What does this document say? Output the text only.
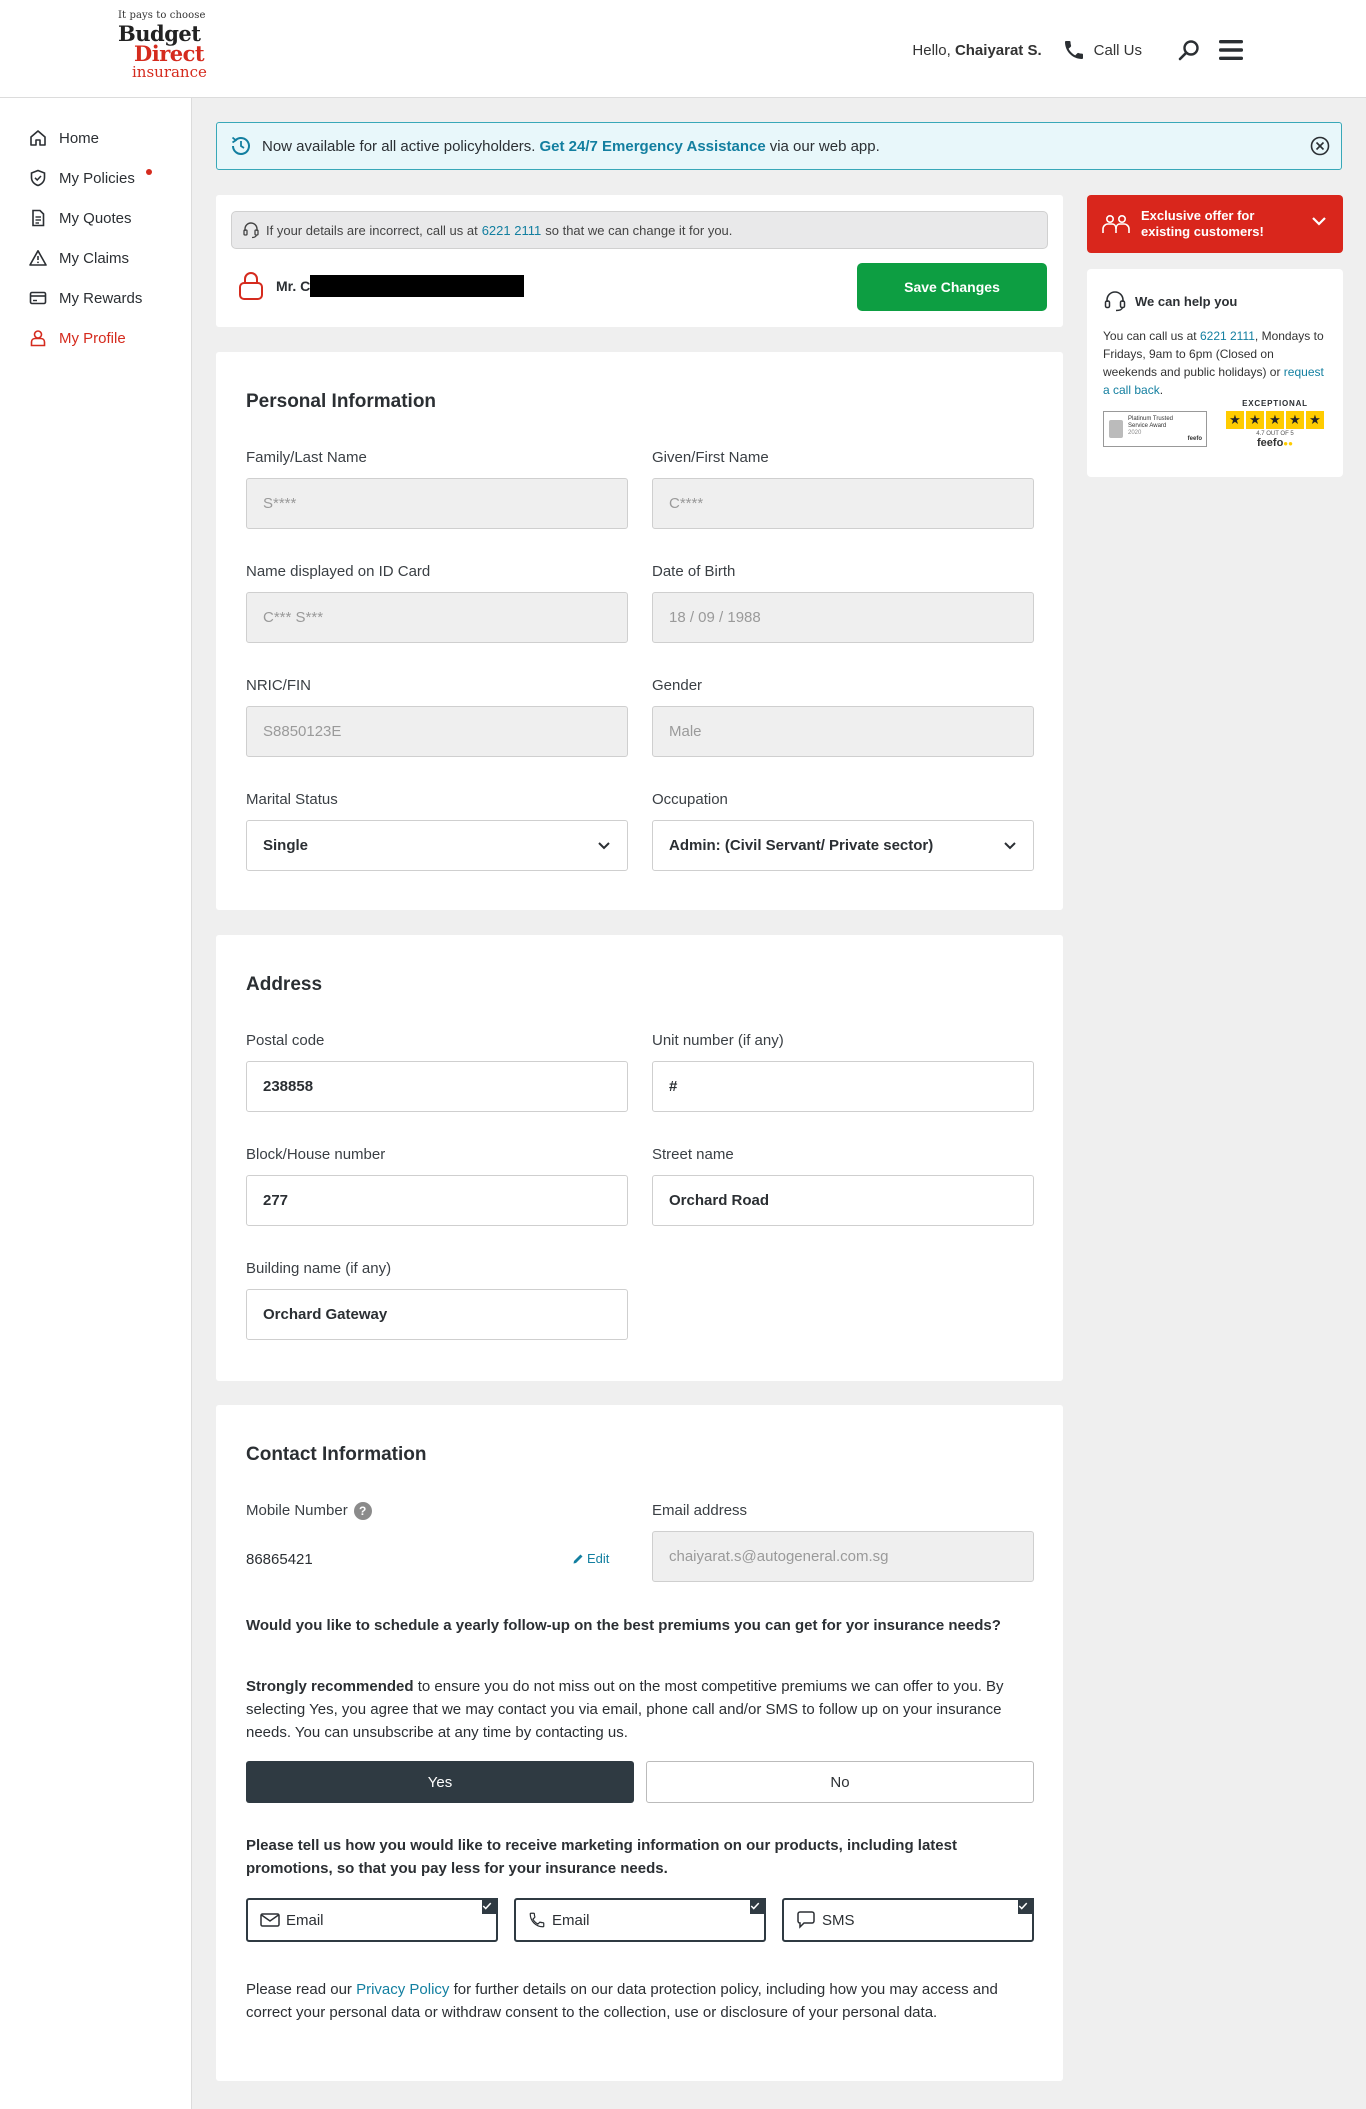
It pays to choose
Budget
Direct
insurance
Hello, Chaiyarat S.	Call Us
Home
My Policies
My Quotes
My Claims
My Rewards
My Profile
Now available for all active policyholders. Get 24/7 Emergency Assistance via our web app.
If your details are incorrect, call us at 6221 2111 so that we can change it for you.
Mr. C	Save Changes
Personal Information
Family/Last Name
S****
Given/First Name
C****
Name displayed on ID Card
C*** S***
Date of Birth
18 / 09 / 1988
NRIC/FIN
S8850123E
Gender
Male
Marital Status
Single
Occupation
Admin: (Civil Servant/ Private sector)
Address
Postal code
238858
Unit number (if any)
#
Block/House number
277
Street name
Orchard Road
Building name (if any)
Orchard Gateway
Contact Information
Mobile Number ?
86865421	Edit
Email address
chaiyarat.s@autogeneral.com.sg
Would you like to schedule a yearly follow-up on the best premiums you can get for yor insurance needs?
Strongly recommended to ensure you do not miss out on the most competitive premiums we can offer to you. By selecting Yes, you agree that we may contact you via email, phone call and/or SMS to follow up on your insurance needs. You can unsubscribe at any time by contacting us.
Yes	No
Please tell us how you would like to receive marketing information on our products, including latest promotions, so that you pay less for your insurance needs.
Email	Email	SMS
Please read our Privacy Policy for further details on our data protection policy, including how you may access and correct your personal data or withdraw consent to the collection, use or disclosure of your personal data.
Exclusive offer for
existing customers!
We can help you
You can call us at 6221 2111, Mondays to Fridays, 9am to 6pm (Closed on weekends and public holidays) or request a call back.
Platinum Trusted
Service Award
2020
feefo
EXCEPTIONAL
★ ★ ★ ★ ★
4.7 OUT OF 5
feefo●●
